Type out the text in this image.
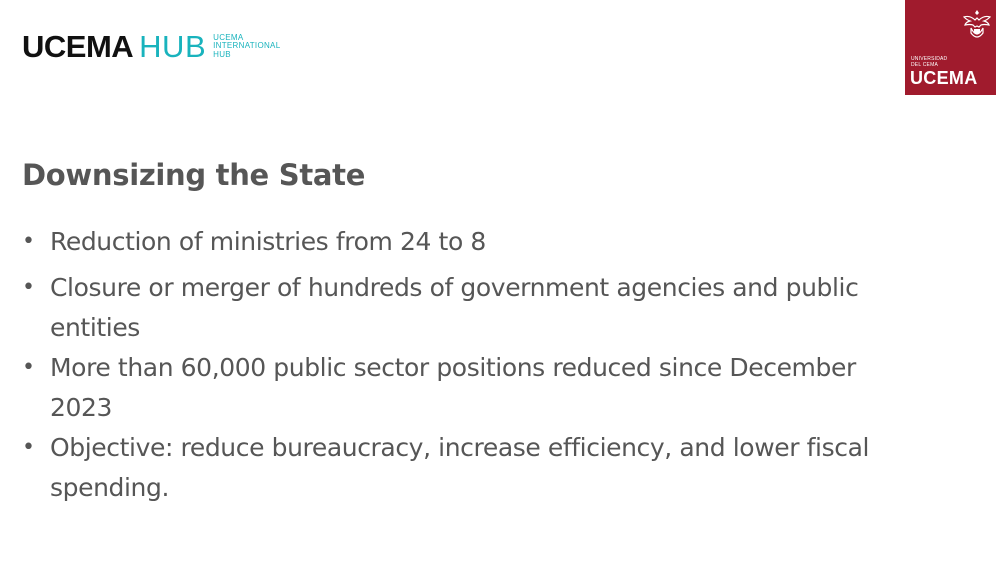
UCEMA HUB UCEMA
INTERNATIONAL
HUB
UNIVERSIDAD
DEL CEMA
UCEMA
Downsizing the State
• Reduction of ministries from 24 to 8
• Closure or merger of hundreds of government agencies and public entities
• More than 60,000 public sector positions reduced since December 2023
• Objective: reduce bureaucracy, increase efficiency, and lower fiscal spending.
